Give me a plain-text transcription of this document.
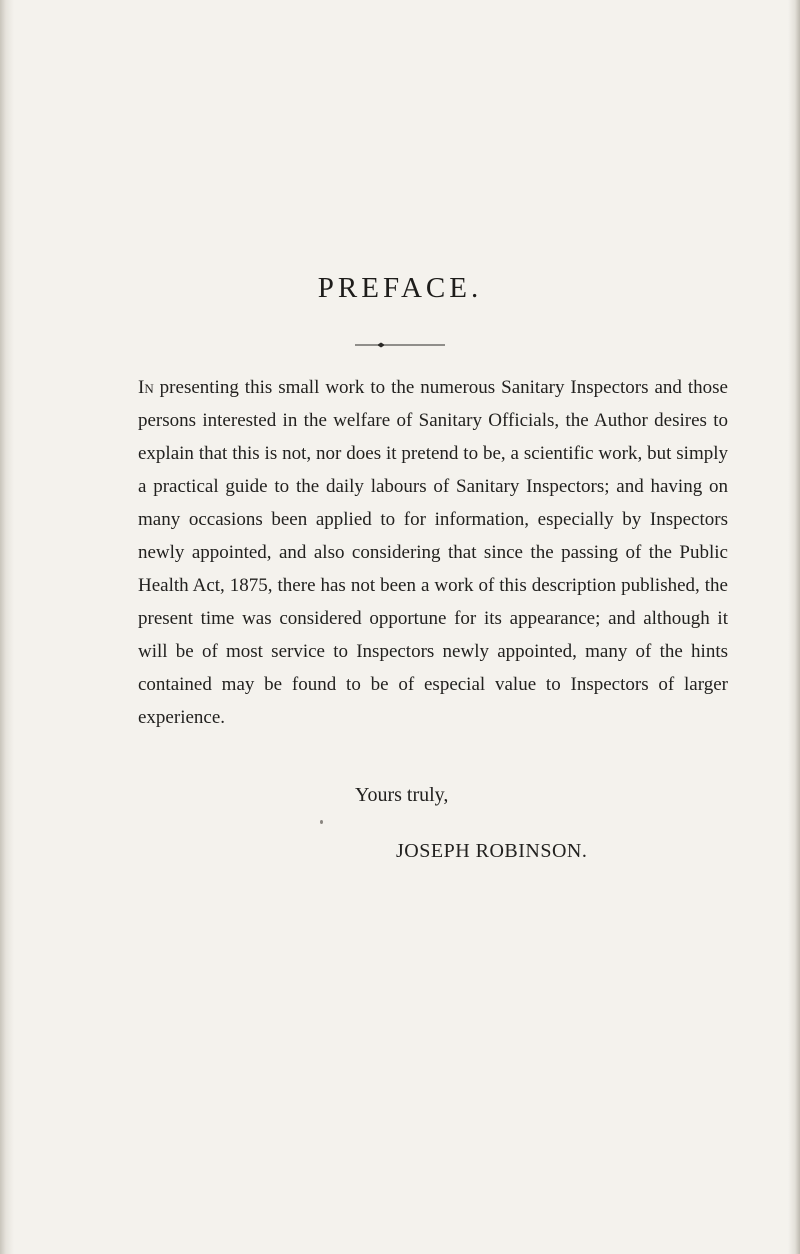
PREFACE.

In presenting this small work to the numerous Sanitary Inspectors and those persons interested in the welfare of Sanitary Officials, the Author desires to explain that this is not, nor does it pretend to be, a scientific work, but simply a practical guide to the daily labours of Sanitary Inspectors; and having on many occasions been applied to for information, especially by Inspectors newly appointed, and also considering that since the passing of the Public Health Act, 1875, there has not been a work of this description published, the present time was considered opportune for its appearance; and although it will be of most service to Inspectors newly appointed, many of the hints contained may be found to be of especial value to Inspectors of larger experience.

Yours truly,
JOSEPH ROBINSON.
